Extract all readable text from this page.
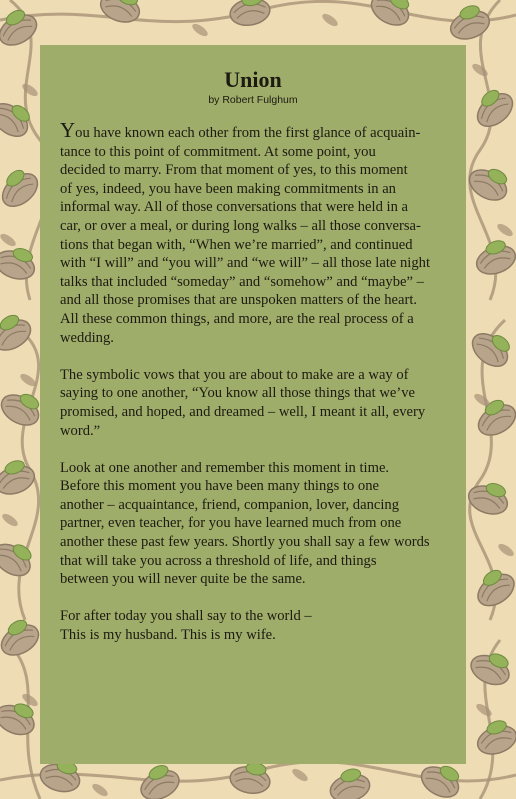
Union
by Robert Fulghum
You have known each other from the first glance of acquain-
tance to this point of commitment. At some point, you
decided to marry. From that moment of yes, to this moment
of yes, indeed, you have been making commitments in an
informal way. All of those conversations that were held in a
car, or over a meal, or during long walks – all those conversa-
tions that began with, “When we’re married”, and continued
with “I will” and “you will” and “we will” – all those late night
talks that included “someday” and “somehow” and “maybe” –
and all those promises that are unspoken matters of the heart.
All these common things, and more, are the real process of a
wedding.
The symbolic vows that you are about to make are a way of
saying to one another, “You know all those things that we’ve
promised, and hoped, and dreamed – well, I meant it all, every
word.”
Look at one another and remember this moment in time.
Before this moment you have been many things to one
another – acquaintance, friend, companion, lover, dancing
partner, even teacher, for you have learned much from one
another these past few years. Shortly you shall say a few words
that will take you across a threshold of life, and things
between you will never quite be the same.
For after today you shall say to the world –
This is my husband. This is my wife.
